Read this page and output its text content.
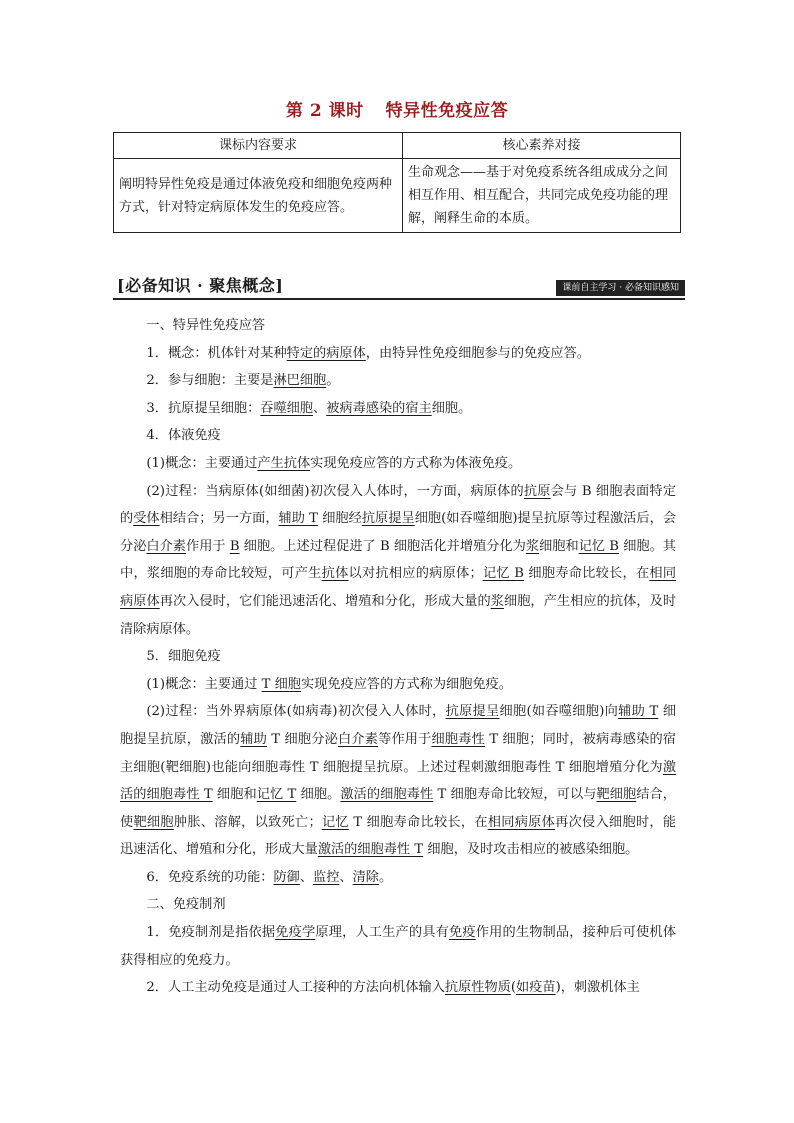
第 2 课时 特异性免疫应答
课标内容要求	核心素养对接
阐明特异性免疫是通过体液免疫和细胞免疫两种方式，针对特定病原体发生的免疫应答。	生命观念——基于对免疫系统各组成成分之间相互作用、相互配合，共同完成免疫功能的理解，阐释生命的本质。
[必备知识 · 聚焦概念]	课前自主学习 · 必备知识感知

一、特异性免疫应答

1．概念：机体针对某种特定的病原体，由特异性免疫细胞参与的免疫应答。

2．参与细胞：主要是淋巴细胞。

3．抗原提呈细胞：吞噬细胞、被病毒感染的宿主细胞。

4．体液免疫

(1)概念：主要通过产生抗体实现免疫应答的方式称为体液免疫。

(2)过程：当病原体(如细菌)初次侵入人体时，一方面，病原体的抗原会与 B 细胞表面特定的受体相结合；另一方面，辅助 T 细胞经抗原提呈细胞(如吞噬细胞)提呈抗原等过程激活后，会分泌白介素作用于 B 细胞。上述过程促进了 B 细胞活化并增殖分化为浆细胞和记忆 B 细胞。其中，浆细胞的寿命比较短，可产生抗体以对抗相应的病原体；记忆 B 细胞寿命比较长，在相同病原体再次入侵时，它们能迅速活化、增殖和分化，形成大量的浆细胞，产生相应的抗体，及时清除病原体。

5．细胞免疫

(1)概念：主要通过 T 细胞实现免疫应答的方式称为细胞免疫。

(2)过程：当外界病原体(如病毒)初次侵入人体时，抗原提呈细胞(如吞噬细胞)向辅助 T 细胞提呈抗原，激活的辅助 T 细胞分泌白介素等作用于细胞毒性 T 细胞；同时，被病毒感染的宿主细胞(靶细胞)也能向细胞毒性 T 细胞提呈抗原。上述过程刺激细胞毒性 T 细胞增殖分化为激活的细胞毒性 T 细胞和记忆 T 细胞。激活的细胞毒性 T 细胞寿命比较短，可以与靶细胞结合，使靶细胞肿胀、溶解，以致死亡；记忆 T 细胞寿命比较长，在相同病原体再次侵入细胞时，能迅速活化、增殖和分化，形成大量激活的细胞毒性 T 细胞，及时攻击相应的被感染细胞。

6．免疫系统的功能：防御、监控、清除。

二、免疫制剂

1．免疫制剂是指依据免疫学原理，人工生产的具有免疫作用的生物制品，接种后可使机体获得相应的免疫力。

2．人工主动免疫是通过人工接种的方法向机体输入抗原性物质(如疫苗)，刺激机体主
